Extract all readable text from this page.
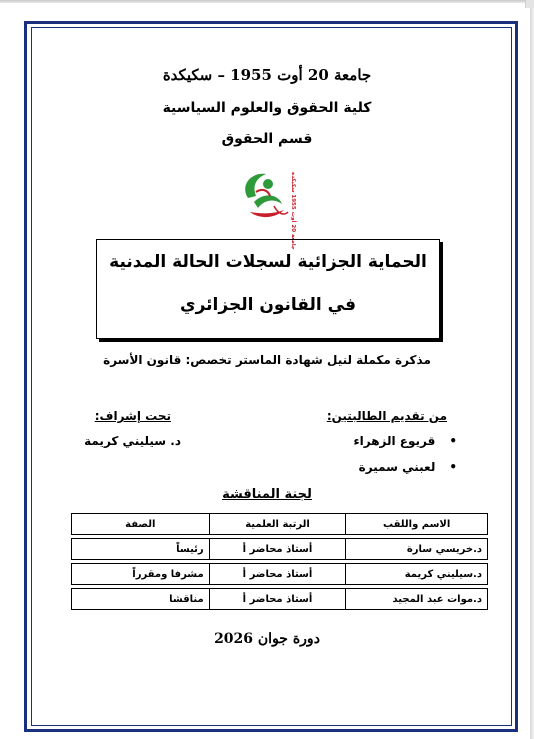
جامعة 20 أوت 1955 – سكيكدة
كلية الحقوق والعلوم السياسية
قسم الحقوق
جامعة 20 أوت 1955 سكيكدة
الحماية الجزائية لسجلات الحالة المدنية
في القانون الجزائري
مذكرة مكملة لنيل شهادة الماستر تخصص: قانون الأسرة
من تقديم الطالبتين:
تحت إشراف:
•قريوع الزهراء
•لعبني سميرة
د. سيليني كريمة
لجنة المناقشة
الاسم واللقب	الرتبة العلمية	الصفة

د.خريسي سارة	أستاذ محاضر أ	رئيساً

د.سيليني كريمة	أستاذ محاضر أ	مشرفا ومقرراً

د.موات عبد المجيد	أستاذ محاضر أ	مناقشا
دورة جوان 2026
